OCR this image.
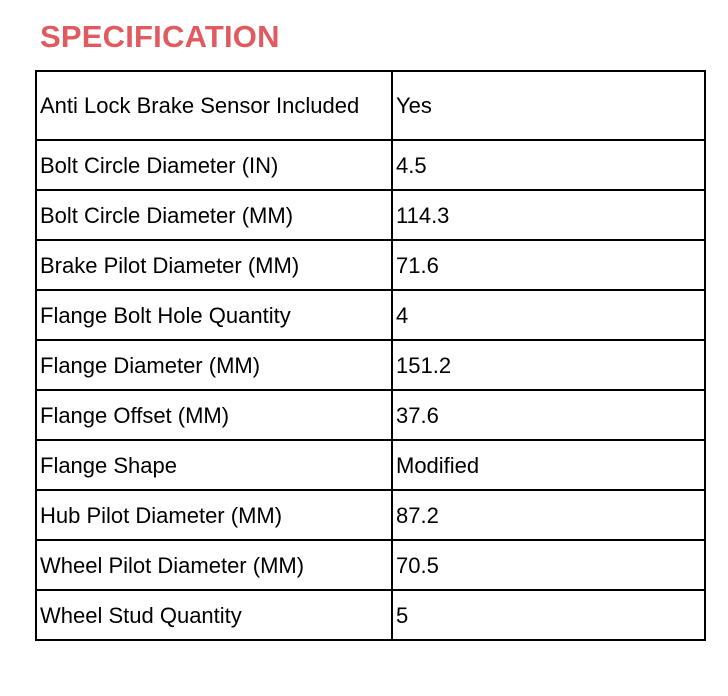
SPECIFICATION
Anti Lock Brake Sensor Included	Yes
Bolt Circle Diameter (IN)	4.5
Bolt Circle Diameter (MM)	114.3
Brake Pilot Diameter (MM)	71.6
Flange Bolt Hole Quantity	4
Flange Diameter (MM)	151.2
Flange Offset (MM)	37.6
Flange Shape	Modified
Hub Pilot Diameter (MM)	87.2
Wheel Pilot Diameter (MM)	70.5
Wheel Stud Quantity	5
